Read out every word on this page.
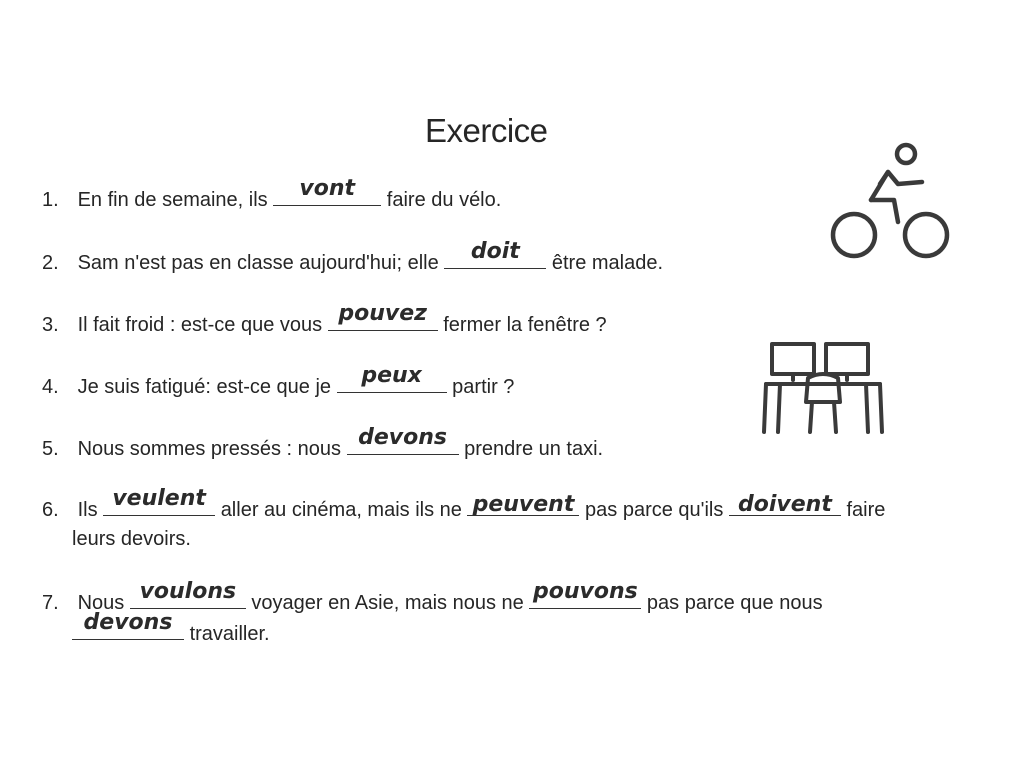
Exercice
1. En fin de semaine, ils	vont	faire du vélo.
2. Sam n'est pas en classe aujourd'hui; elle	doit	être malade.
3. Il fait froid : est-ce que vous pouvez fermer la fenêtre ?
4. Je suis fatigué: est-ce que je	peux	partir ?
5. Nous sommes pressés : nous devons prendre un taxi.
6. Ils veulent aller au cinéma, mais ils ne peuvent pas parce qu'ils doivent faire
leurs devoirs.
7. Nous voulons voyager en Asie, mais nous ne pouvons pas parce que nous
devons travailler.
